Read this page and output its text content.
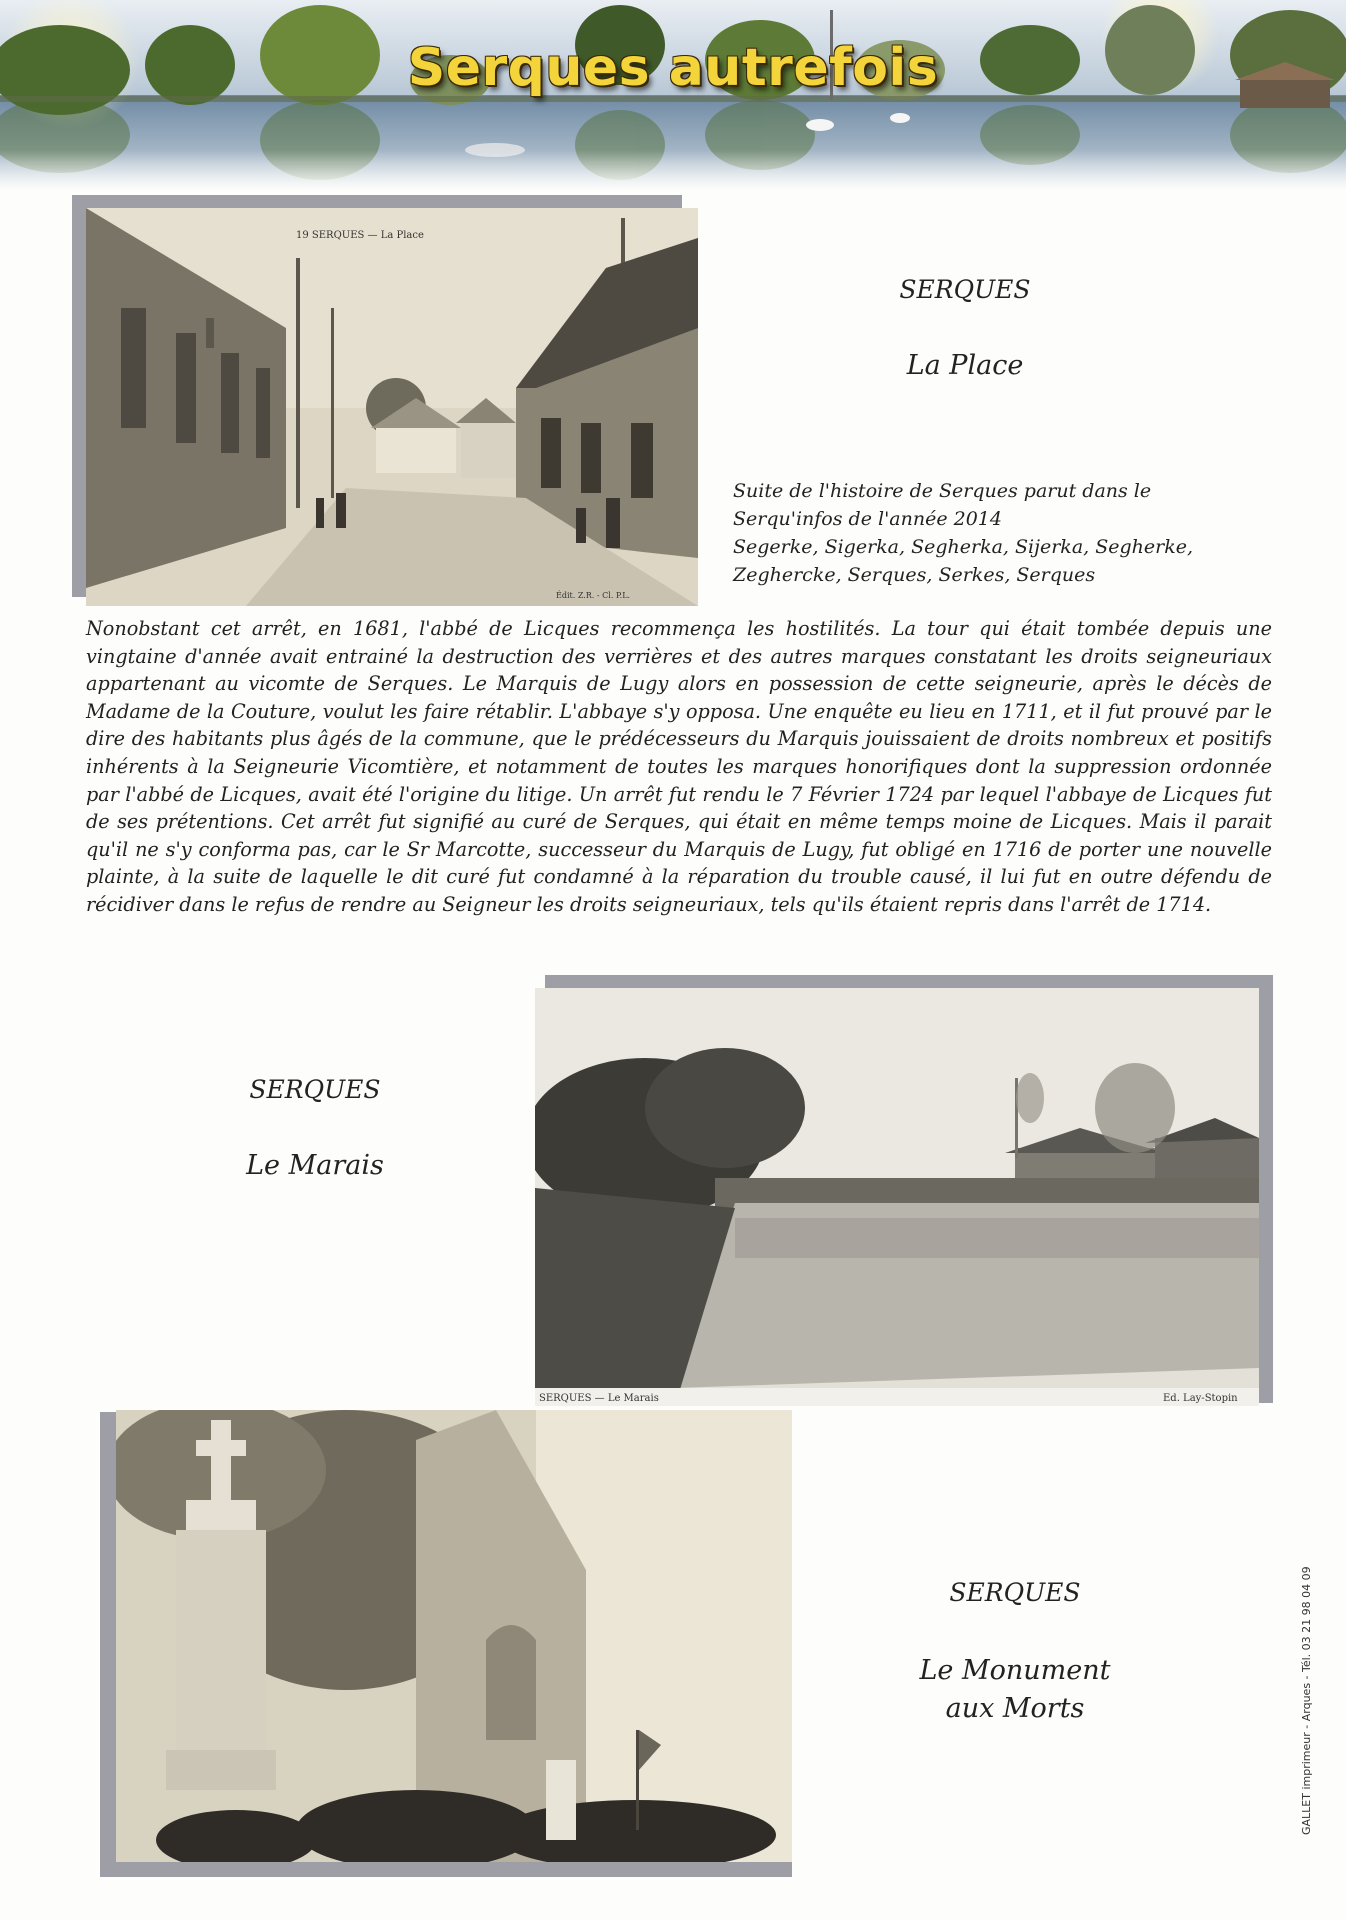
Serques autrefois
19 SERQUES — La Place
Édit. Z.R. - Cl. P.L.
SERQUES
La Place
Suite de l'histoire de Serques parut dans le
Serqu'infos de l'année 2014
Segerke, Sigerka, Segherka, Sijerka, Segherke,
Zeghercke, Serques, Serkes, Serques
Nonobstant cet arrêt, en 1681, l'abbé de Licques recommença les hostilités. La tour qui était tombée depuis une vingtaine d'année avait entrainé la destruction des verrières et des autres marques constatant les droits seigneuriaux appartenant au vicomte de Serques. Le Marquis de Lugy alors en possession de cette seigneurie, après le décès de Madame de la Couture, voulut les faire rétablir. L'abbaye s'y opposa. Une enquête eu lieu en 1711, et il fut prouvé par le dire des habitants plus âgés de la commune, que le prédécesseurs du Marquis jouissaient de droits nombreux et positifs inhérents à la Seigneurie Vicomtière, et notamment de toutes les marques honorifiques dont la suppression ordonnée par l'abbé de Licques, avait été l'origine du litige. Un arrêt fut rendu le 7 Février 1724 par lequel l'abbaye de Licques fut de ses prétentions. Cet arrêt fut signifié au curé de Serques, qui était en même temps moine de Licques. Mais il parait qu'il ne s'y conforma pas, car le Sr Marcotte, successeur du Marquis de Lugy, fut obligé en 1716 de porter une nouvelle plainte, à la suite de laquelle le dit curé fut condamné à la réparation du trouble causé, il lui fut en outre défendu de récidiver dans le refus de rendre au Seigneur les droits seigneuriaux, tels qu'ils étaient repris dans l'arrêt de 1714.
SERQUES — Le Marais	Ed. Lay-Stopin
SERQUES
Le Marais
SERQUES
Le Monument
aux Morts	GALLET imprimeur - Arques - Tél. 03 21 98 04 09
